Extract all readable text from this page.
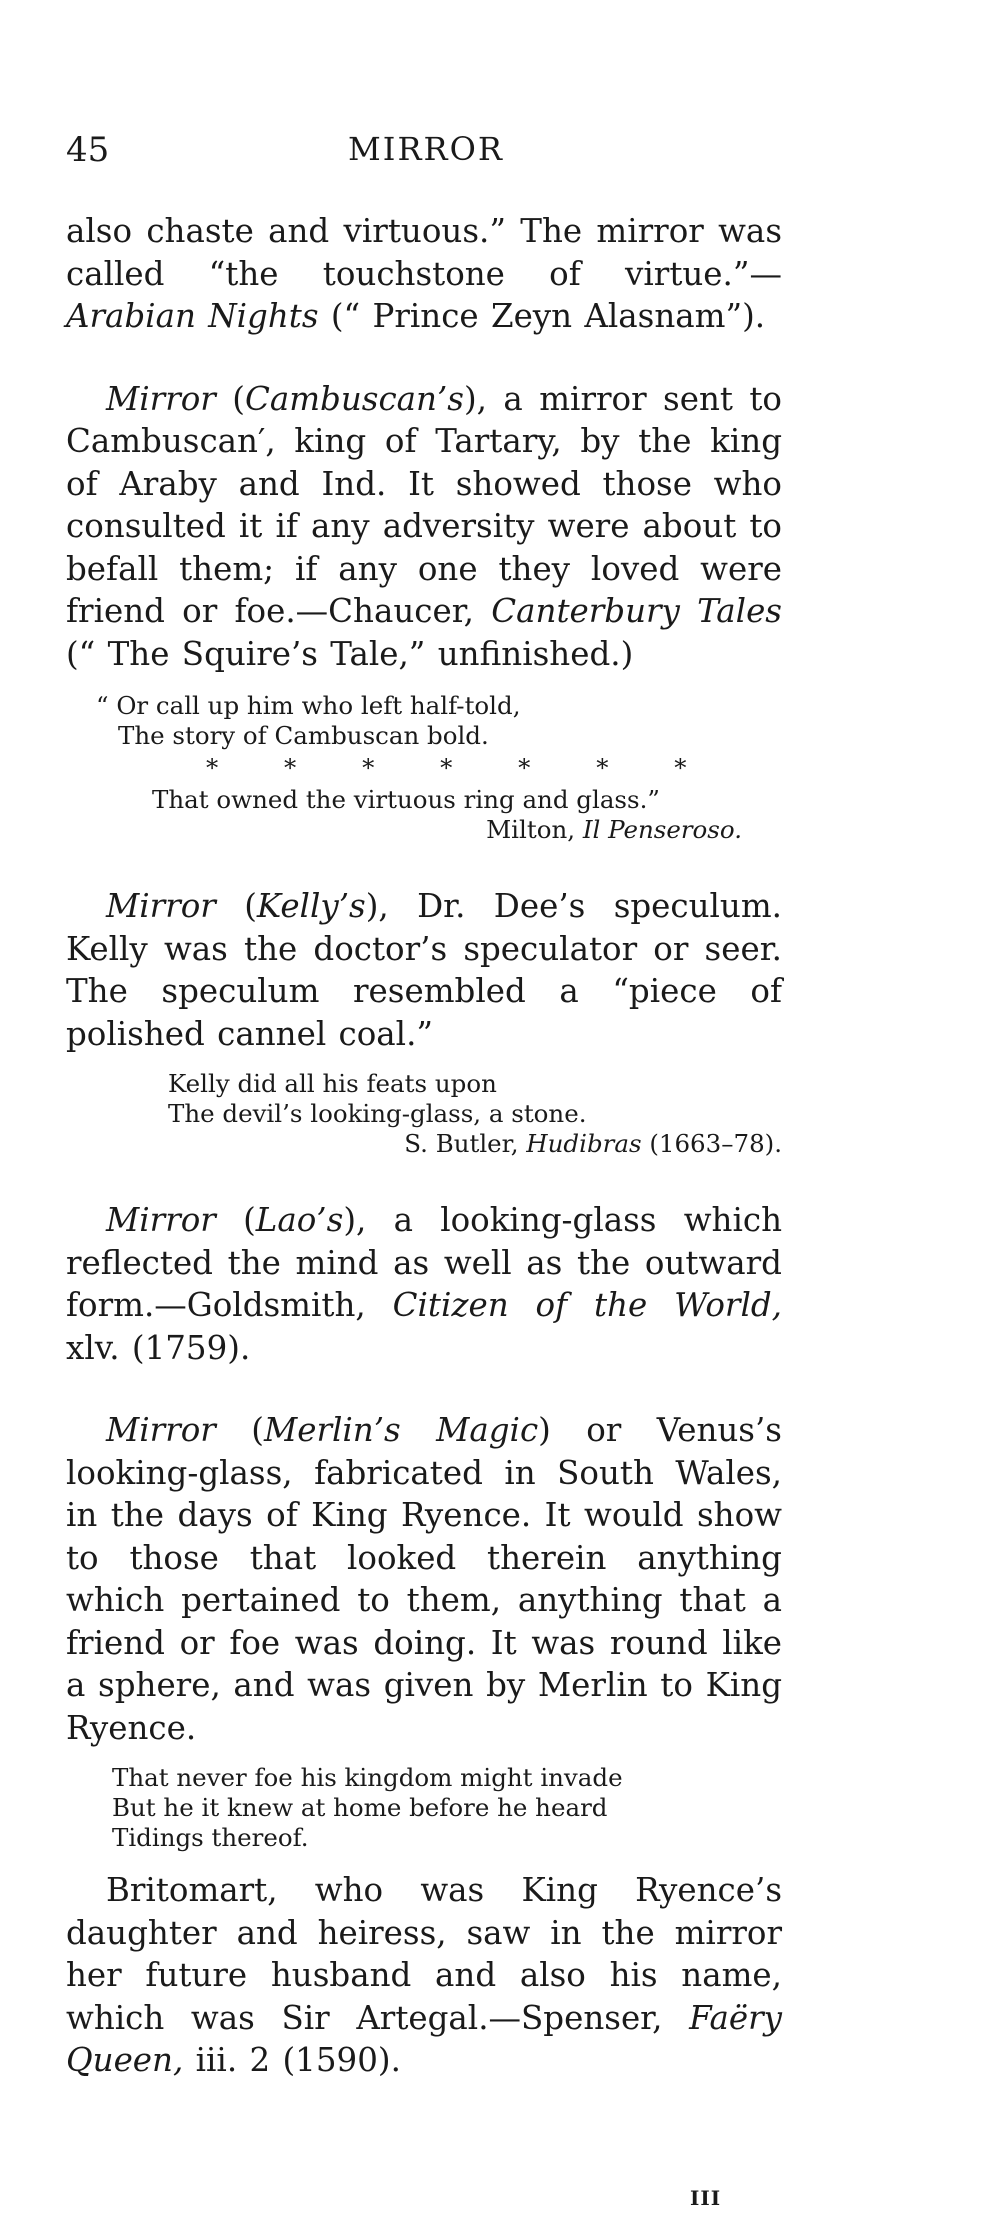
45	MIRROR

also chaste and virtuous.” The mirror was called “the touchstone of virtue.”—Arabian Nights (“ Prince Zeyn Alasnam”).

Mirror (Cambuscan’s), a mirror sent to Cambuscan′, king of Tartary, by the king of Araby and Ind. It showed those who consulted it if any adversity were about to befall them; if any one they loved were friend or foe.—Chaucer, Canterbury Tales (“ The Squire’s Tale,” unfinished.)

“ Or call up him who left half-told,
The story of Cambuscan bold.
* * * * * * *
That owned the virtuous ring and glass.”
Milton, Il Penseroso.

Mirror (Kelly’s), Dr. Dee’s speculum. Kelly was the doctor’s speculator or seer. The speculum resembled a “piece of polished cannel coal.”

Kelly did all his feats upon
The devil’s looking-glass, a stone.
S. Butler, Hudibras (1663–78).

Mirror (Lao’s), a looking-glass which reflected the mind as well as the outward form.—Goldsmith, Citizen of the World, xlv. (1759).

Mirror (Merlin’s Magic) or Venus’s looking-glass, fabricated in South Wales, in the days of King Ryence. It would show to those that looked therein anything which pertained to them, anything that a friend or foe was doing. It was round like a sphere, and was given by Merlin to King Ryence.

That never foe his kingdom might invade
But he it knew at home before he heard
Tidings thereof.

Britomart, who was King Ryence’s daughter and heiress, saw in the mirror her future husband and also his name, which was Sir Artegal.—Spenser, Faëry Queen, iii. 2 (1590).

III
